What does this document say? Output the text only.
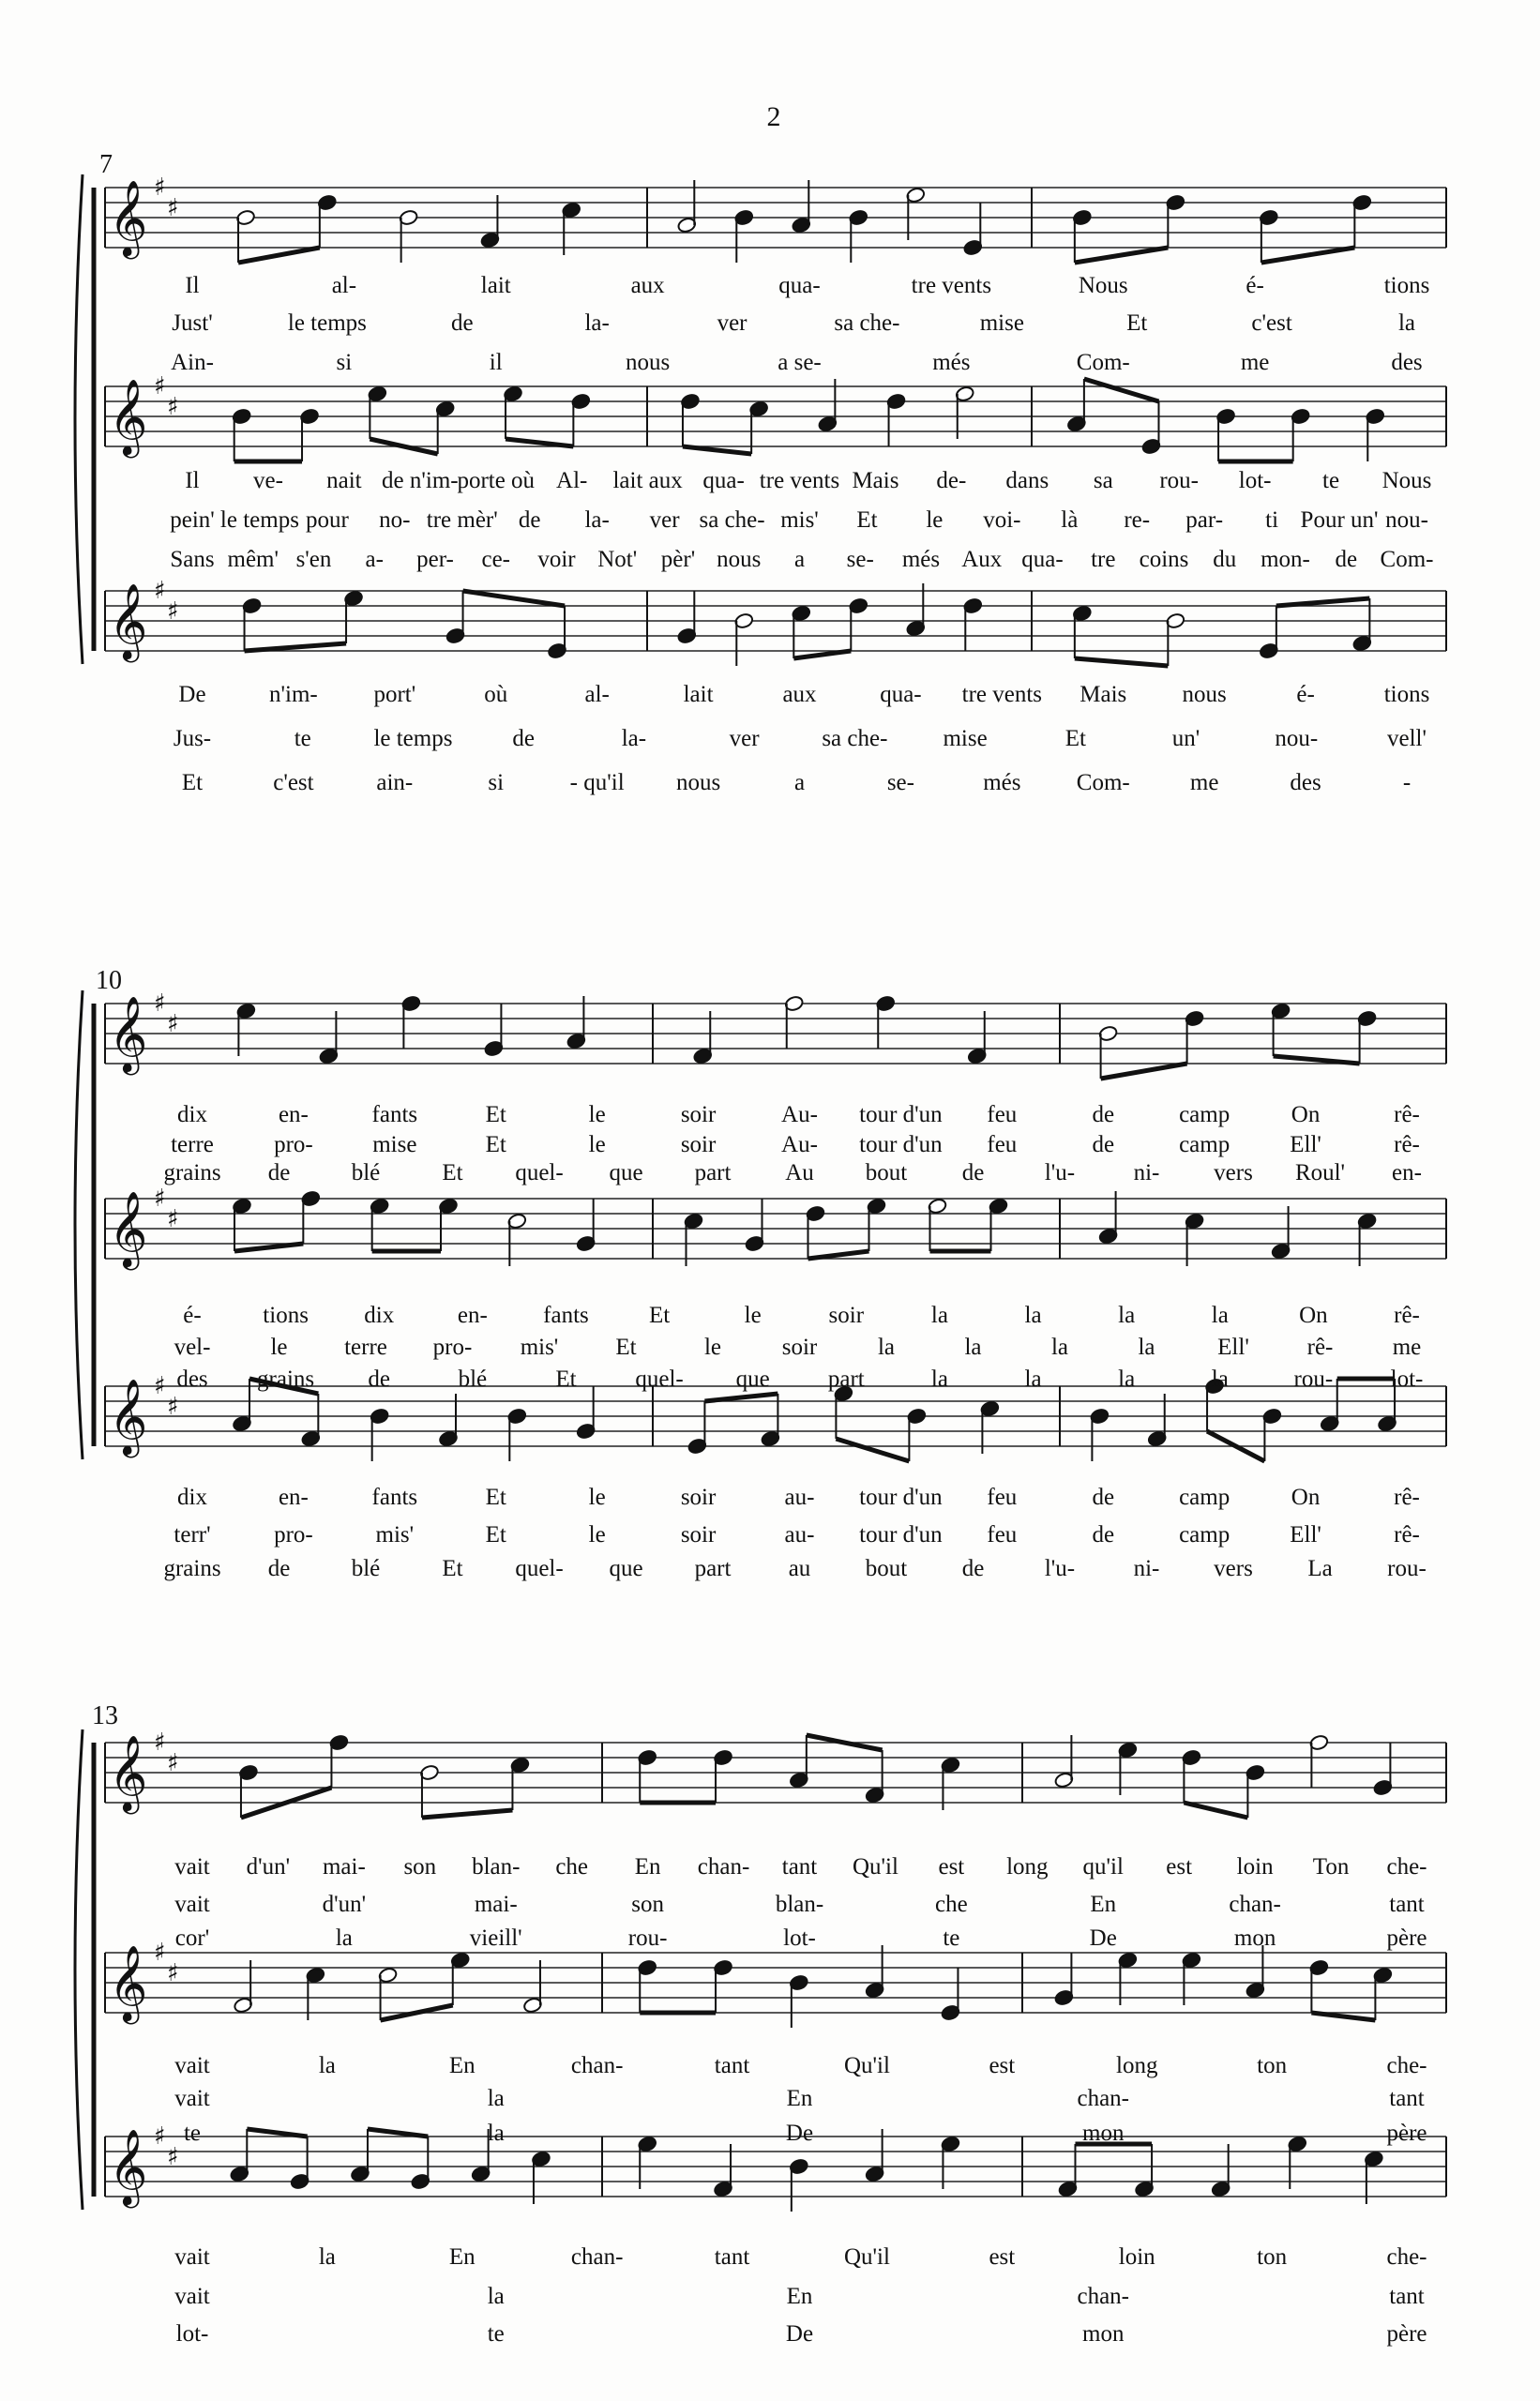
𝄞 ♯
♯
𝄞 ♯
♯
𝄞 ♯
♯
𝄞 ♯
♯
𝄞 ♯
♯
𝄞 ♯
♯
𝄞 ♯
♯
𝄞 ♯
♯
𝄞 ♯
♯
2
7
10
13
Il	al-	lait	aux	qua-	tre vents	Nous	é-	tions
Just'	le temps	de	la-	ver	sa che-	mise	Et	c'est	la
Ain-	si	il	nous	a se-	més	Com-	me	des
Il ve- nait de n'im-
porte où Al- lait aux qua- tre vents Mais de- dans sa rou- lot- te Nous
pein' le temps pour no- tre mèr' de la- ver sa che- mis' Et le voi- là re- par- ti Pour un' nou-
Sans mêm' s'en a- per- ce- voir Not' pèr' nous a se- més Aux qua- tre coins du mon- de Com-
De	n'im- port'	où	al-	lait	aux	qua- tre vents Mais nous	é-	tions
Jus-	te	le temps	de	la-	ver	sa che- mise	Et	un'	nou-	vell'
Et	c'est	ain-	si	- qu'il nous	a	se-	més Com-	me	des	-
dix	en-	fants	Et	le	soir	Au- tour d'un feu	de	camp	On	rê-
terre	pro-	mise	Et	le	soir	Au- tour d'un feu	de	camp	Ell'	rê-
grains de	blé	Et quel- que part Au bout de	l'u- ni- vers Roul' en-
é-	tions dix	en- fants	Et	le	soir	la	la	la	la	On	rê-
vel-	le terre pro- mis' Et	le	soir	la	la	la	la	Ell' rê-	me
des grains de	blé	Et	quel- que part	la	la	la	la	rou- lot-
dix	en-	fants	Et	le	soir	au- tour d'un feu	de	camp	On	rê-
terr'	pro-	mis'	Et	le	soir	au- tour d'un feu	de	camp	Ell'	rê-
grains de	blé	Et quel- que part au bout de	l'u- ni- vers La rou-
vait d'un' mai- son blan- che En chan- tant Qu'il est long qu'il est loin Ton che-
vait	d'un'	mai-	son	blan-	che	En	chan-	tant
cor'	la	vieill'	rou-	lot-	te	De	mon	père
vait	la	En	chan-	tant	Qu'il	est	long	ton	che-
vait	la	En	chan-	tant
te	la	De	mon	père
vait	la	En	chan-	tant	Qu'il	est	loin	ton	che-
vait	la	En	chan-	tant
lot-	te	De	mon	père
